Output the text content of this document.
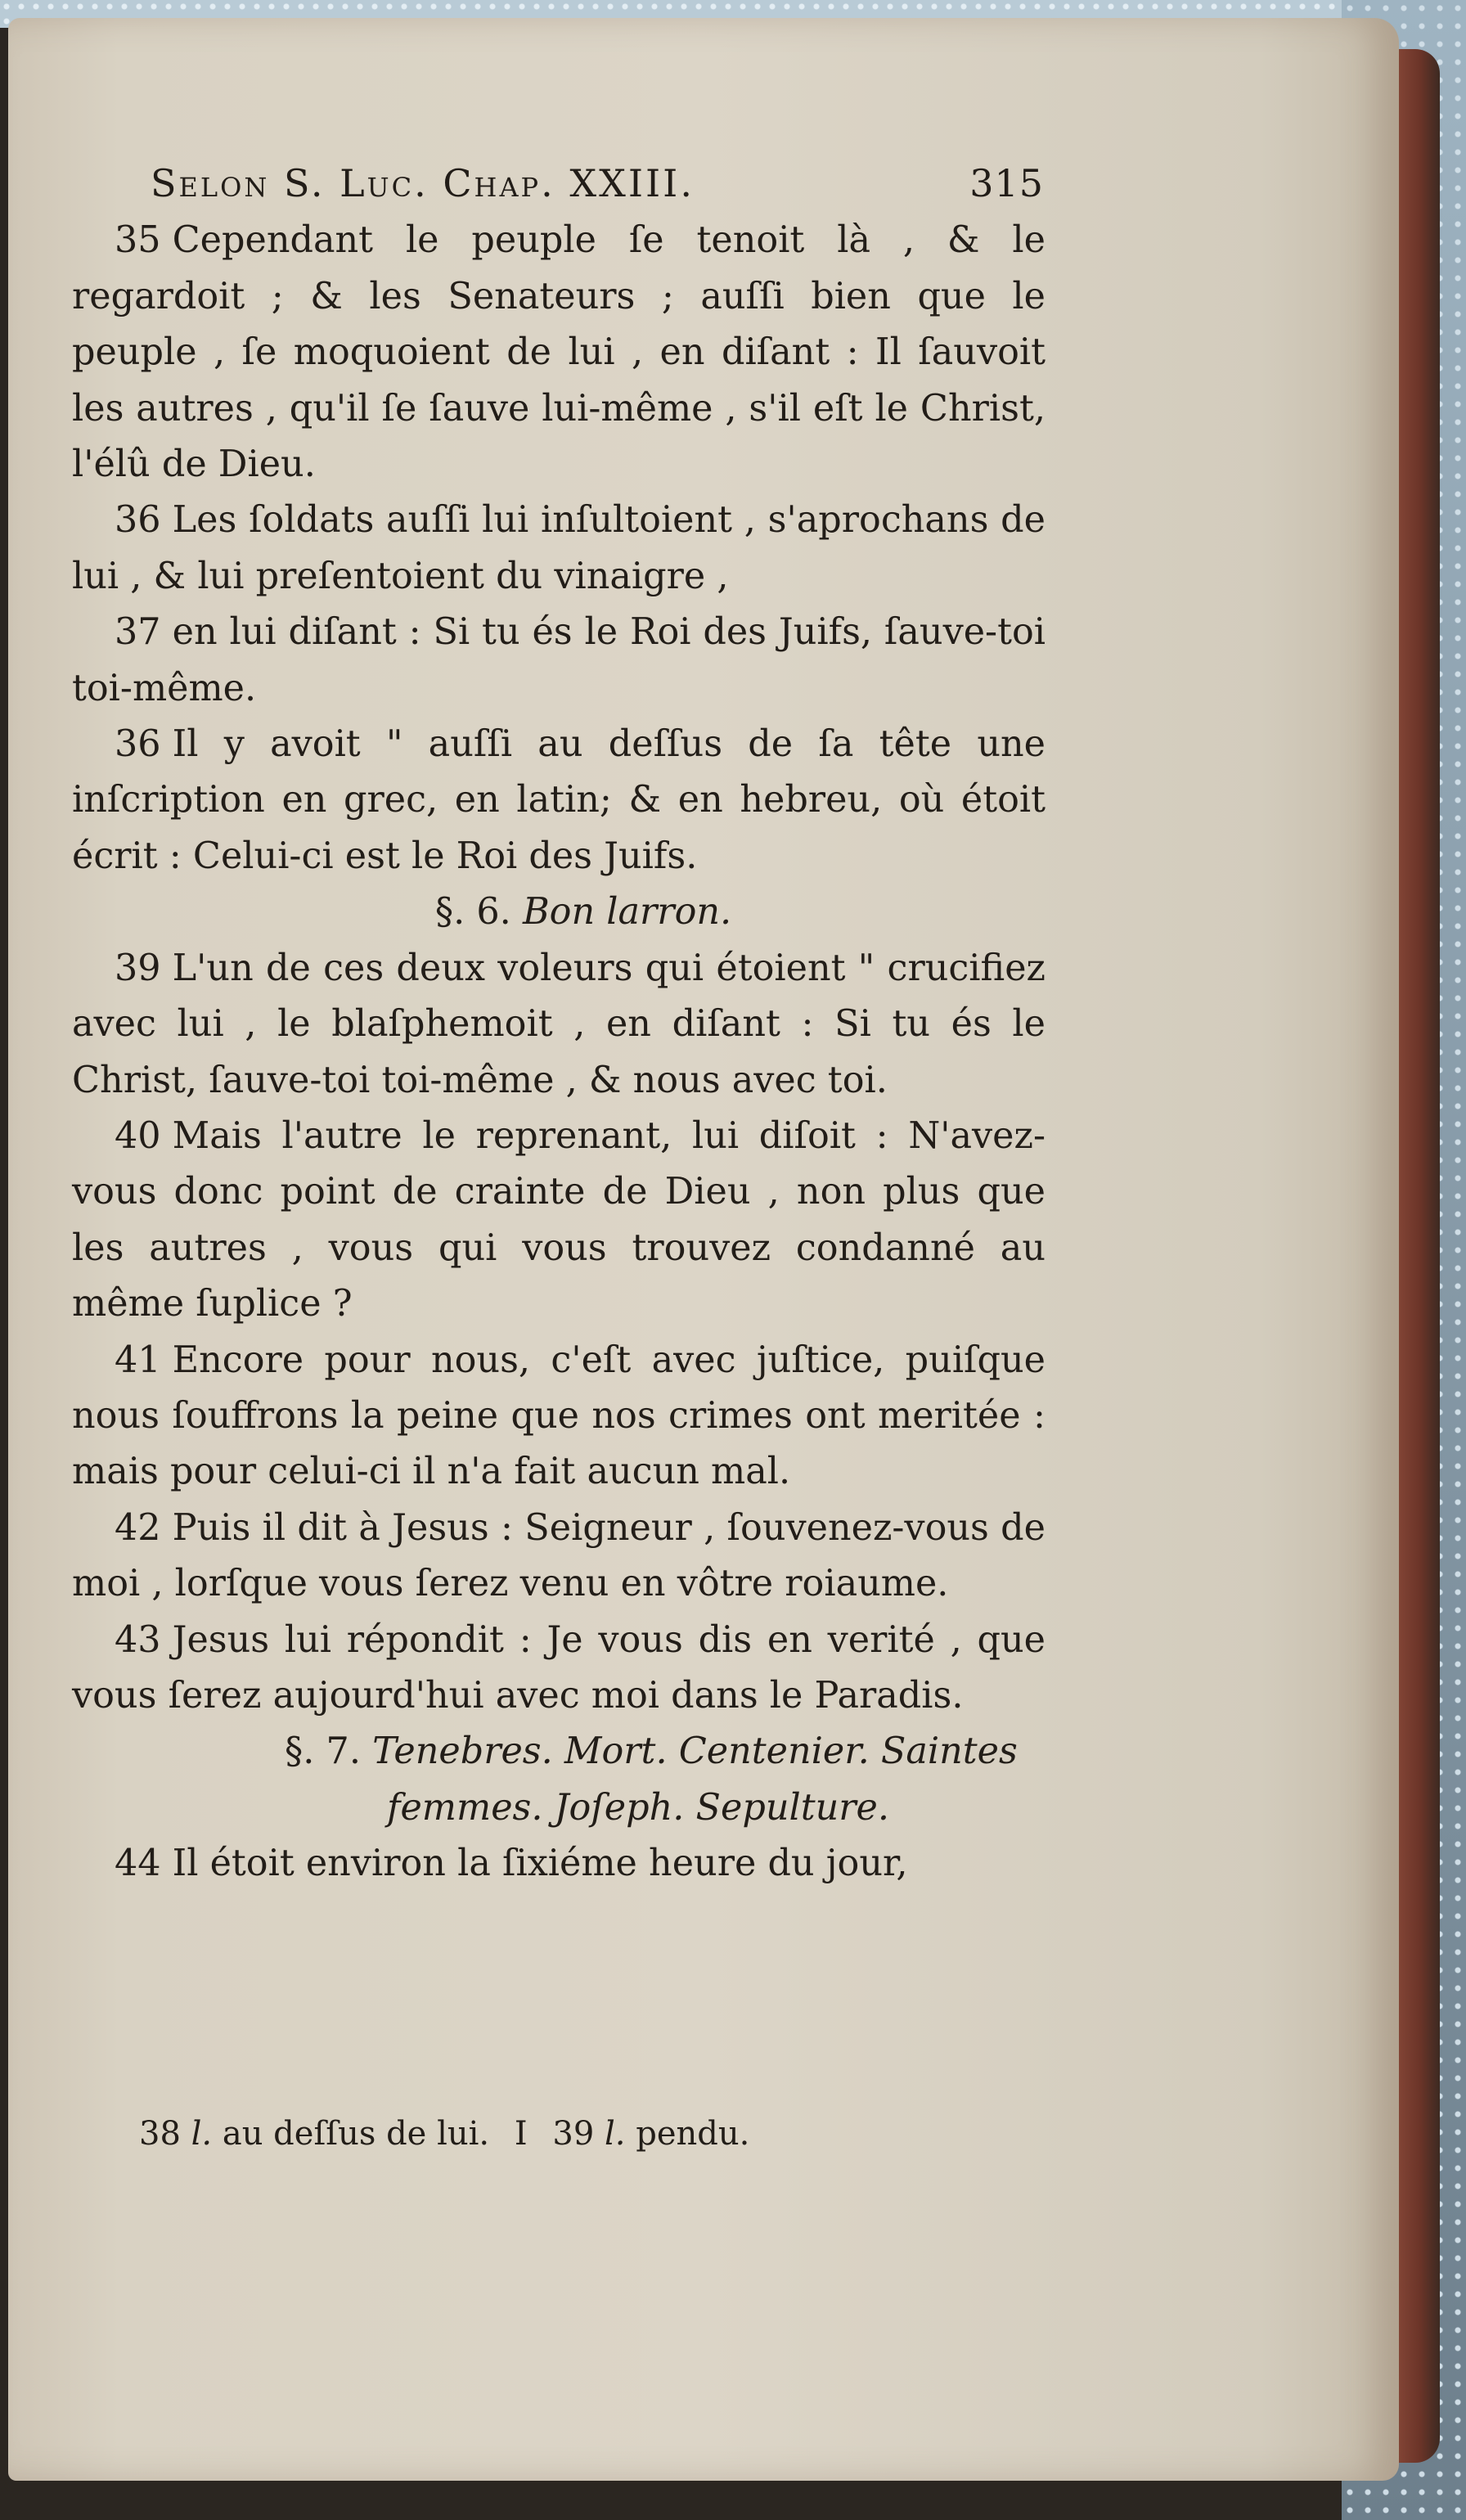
Selon S. Luc. Chap. XXIII.	315
35 Cependant le peuple ſe tenoit là , & le regardoit ; & les Senateurs ; auſſi bien que le peuple , ſe moquoient de lui , en diſant : Il ſauvoit les autres , qu'il ſe ſauve lui-même , s'il eſt le Christ, l'élû de Dieu.
36 Les ſoldats auſſi lui inſultoient , s'aprochans de lui , & lui preſentoient du vinaigre ,
37 en lui diſant : Si tu és le Roi des Juifs, ſauve-toi toi-même.
36 Il y avoit " auſſi au deſſus de ſa tête une inſcription en grec, en latin; & en hebreu, où étoit écrit : Celui-ci est le Roi des Juifs.
§. 6. Bon larron.
39 L'un de ces deux voleurs qui étoient " crucifiez avec lui , le blaſphemoit , en diſant : Si tu és le Christ, ſauve-toi toi-même , & nous avec toi.
40 Mais l'autre le reprenant, lui diſoit : N'avez-vous donc point de crainte de Dieu , non plus que les autres , vous qui vous trouvez condanné au même ſuplice ?
41 Encore pour nous, c'eſt avec juſtice, puiſque nous ſouffrons la peine que nos crimes ont meritée : mais pour celui-ci il n'a fait aucun mal.
42 Puis il dit à Jesus : Seigneur , ſouvenez-vous de moi , lorſque vous ſerez venu en vôtre roiaume.
43 Jesus lui répondit : Je vous dis en verité , que vous ſerez aujourd'hui avec moi dans le Paradis.
§. 7. Tenebres. Mort. Centenier. Saintes
femmes. Joſeph. Sepulture.
44 Il étoit environ la ſixiéme heure du jour,
38 l. au deſſus de lui. I 39 l. pendu.
